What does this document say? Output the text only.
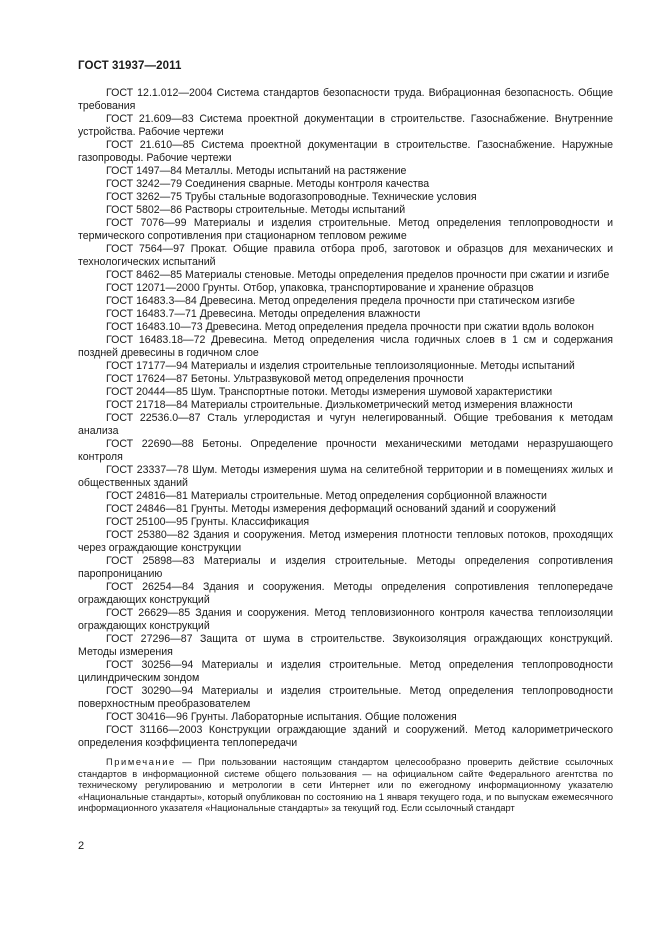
ГОСТ 31937—2011

ГОСТ 12.1.012—2004 Система стандартов безопасности труда. Вибрационная безопасность. Общие требования

ГОСТ 21.609—83 Система проектной документации в строительстве. Газоснабжение. Внутренние устройства. Рабочие чертежи

ГОСТ 21.610—85 Система проектной документации в строительстве. Газоснабжение. Наружные газопроводы. Рабочие чертежи

ГОСТ 1497—84 Металлы. Методы испытаний на растяжение

ГОСТ 3242—79 Соединения сварные. Методы контроля качества

ГОСТ 3262—75 Трубы стальные водогазопроводные. Технические условия

ГОСТ 5802—86 Растворы строительные. Методы испытаний

ГОСТ 7076—99 Материалы и изделия строительные. Метод определения теплопроводности и термического сопротивления при стационарном тепловом режиме

ГОСТ 7564—97 Прокат. Общие правила отбора проб, заготовок и образцов для механических и технологических испытаний

ГОСТ 8462—85 Материалы стеновые. Методы определения пределов прочности при сжатии и изгибе

ГОСТ 12071—2000 Грунты. Отбор, упаковка, транспортирование и хранение образцов

ГОСТ 16483.3—84 Древесина. Метод определения предела прочности при статическом изгибе

ГОСТ 16483.7—71 Древесина. Методы определения влажности

ГОСТ 16483.10—73 Древесина. Метод определения предела прочности при сжатии вдоль волокон

ГОСТ 16483.18—72 Древесина. Метод определения числа годичных слоев в 1 см и содержания поздней древесины в годичном слое

ГОСТ 17177—94 Материалы и изделия строительные теплоизоляционные. Методы испытаний

ГОСТ 17624—87 Бетоны. Ультразвуковой метод определения прочности

ГОСТ 20444—85 Шум. Транспортные потоки. Методы измерения шумовой характеристики

ГОСТ 21718—84 Материалы строительные. Диэлькометрический метод измерения влажности

ГОСТ 22536.0—87 Сталь углеродистая и чугун нелегированный. Общие требования к методам анализа

ГОСТ 22690—88 Бетоны. Определение прочности механическими методами неразрушающего контроля

ГОСТ 23337—78 Шум. Методы измерения шума на селитебной территории и в помещениях жилых и общественных зданий

ГОСТ 24816—81 Материалы строительные. Метод определения сорбционной влажности

ГОСТ 24846—81 Грунты. Методы измерения деформаций оснований зданий и сооружений

ГОСТ 25100—95 Грунты. Классификация

ГОСТ 25380—82 Здания и сооружения. Метод измерения плотности тепловых потоков, проходящих через ограждающие конструкции

ГОСТ 25898—83 Материалы и изделия строительные. Методы определения сопротивления паропроницанию

ГОСТ 26254—84 Здания и сооружения. Методы определения сопротивления теплопередаче ограждающих конструкций

ГОСТ 26629—85 Здания и сооружения. Метод тепловизионного контроля качества теплоизоляции ограждающих конструкций

ГОСТ 27296—87 Защита от шума в строительстве. Звукоизоляция ограждающих конструкций. Методы измерения

ГОСТ 30256—94 Материалы и изделия строительные. Метод определения теплопроводности цилиндрическим зондом

ГОСТ 30290—94 Материалы и изделия строительные. Метод определения теплопроводности поверхностным преобразователем

ГОСТ 30416—96 Грунты. Лабораторные испытания. Общие положения

ГОСТ 31166—2003 Конструкции ограждающие зданий и сооружений. Метод калориметрического определения коэффициента теплопередачи

Примечание — При пользовании настоящим стандартом целесообразно проверить действие ссылочных стандартов в информационной системе общего пользования — на официальном сайте Федерального агентства по техническому регулированию и метрологии в сети Интернет или по ежегодному информационному указателю «Национальные стандарты», который опубликован по состоянию на 1 января текущего года, и по выпускам ежемесячного информационного указателя «Национальные стандарты» за текущий год. Если ссылочный стандарт

2
